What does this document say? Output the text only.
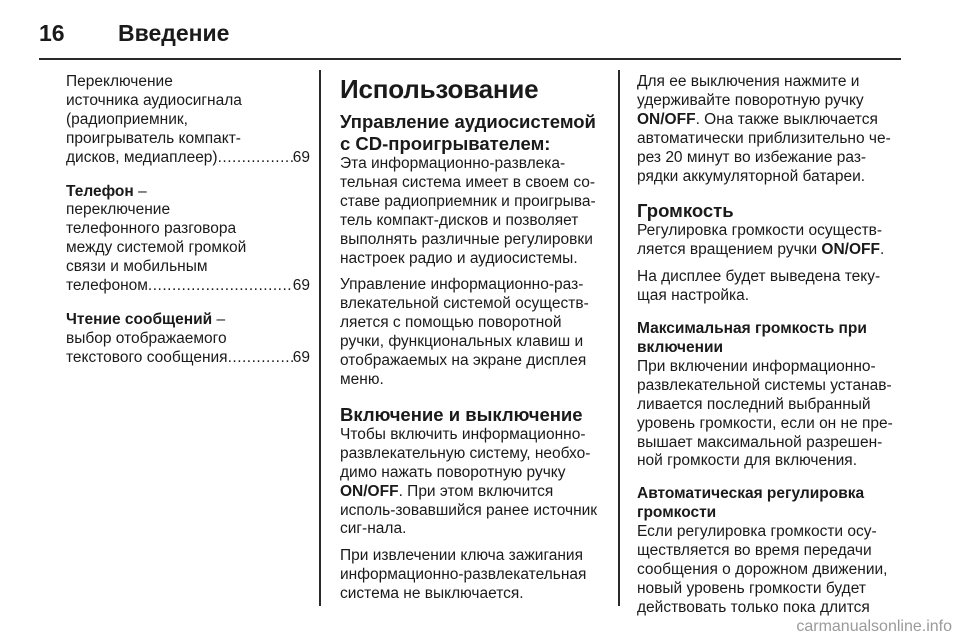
16 Введение
Переключение
источника аудиосигнала
(радиоприемник,
проигрыватель компакт-
дисков, медиаплеер) .....	69
Телефон –
переключение
телефонного разговора
между системой громкой
связи и мобильным
телефоном .....	69
Чтение сообщений –
выбор отображаемого
текстового сообщения .....	69
Использование
Управление аудиосистемой с CD-проигрывателем:

Эта информационно-развлека-тельная система имеет в своем со-ставе радиоприемник и проигрыва-тель компакт-дисков и позволяет выполнять различные регулировки настроек радио и аудиосистемы.

Управление информационно-раз-влекательной системой осуществ-ляется с помощью поворотной ручки, функциональных клавиш и отображаемых на экране дисплея меню.

Включение и выключение

Чтобы включить информационно-развлекательную систему, необхо-димо нажать поворотную ручку ON/OFF. При этом включится исполь-зовавшийся ранее источник сиг-нала.

При извлечении ключа зажигания информационно-развлекательная система не выключается.

Для ее выключения нажмите и удерживайте поворотную ручку ON/OFF. Она также выключается автоматически приблизительно че-рез 20 минут во избежание раз-рядки аккумуляторной батареи.

Громкость

Регулировка громкости осуществ-ляется вращением ручки ON/OFF.

На дисплее будет выведена теку-щая настройка.

Максимальная громкость при включении

При включении информационно-развлекательной системы устанав-ливается последний выбранный уровень громкости, если он не пре-вышает максимальной разрешен-ной громкости для включения.

Автоматическая регулировка громкости

Если регулировка громкости осу-ществляется во время передачи сообщения о дорожном движении, новый уровень громкости будет действовать только пока длится

carmanualsonline.info
